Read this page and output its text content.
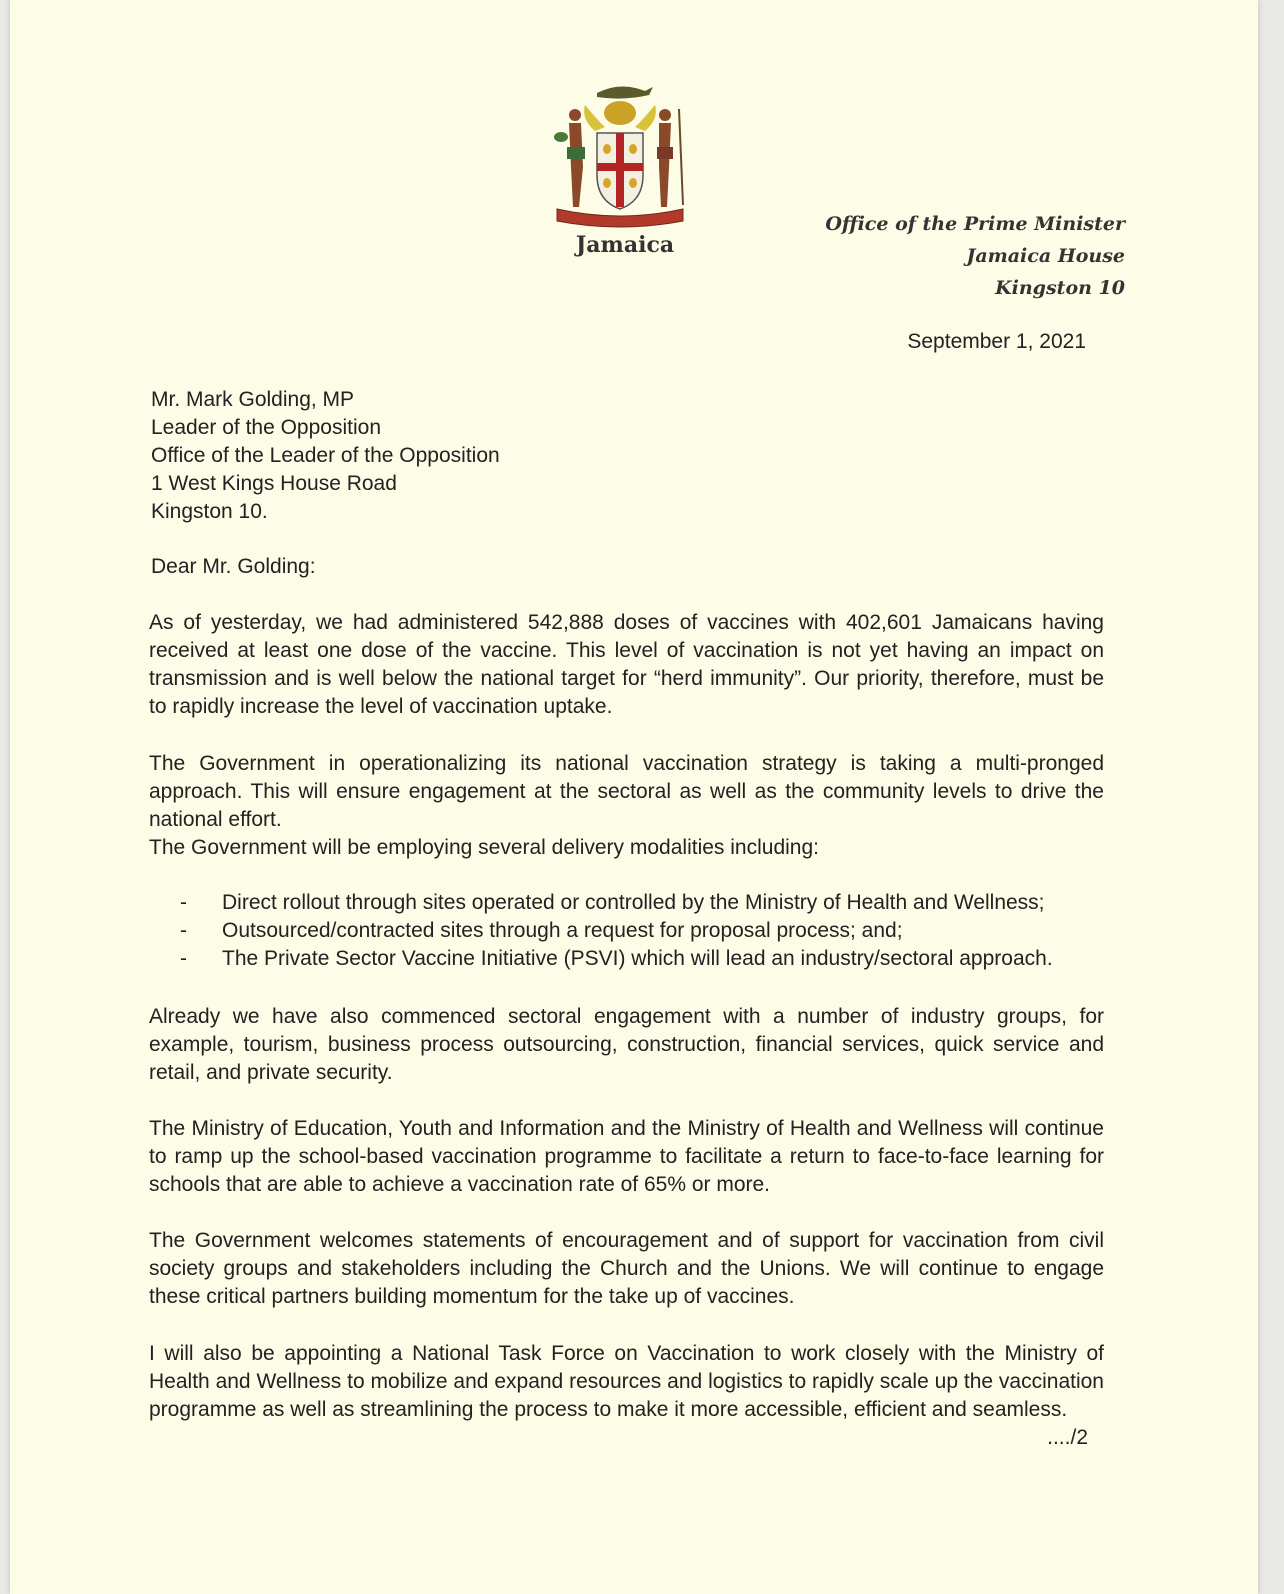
Jamaica
Office of the Prime Minister
Jamaica House
Kingston 10
September 1, 2021
Mr. Mark Golding, MP
Leader of the Opposition
Office of the Leader of the Opposition
1 West Kings House Road
Kingston 10.
Dear Mr. Golding:
As of yesterday, we had administered 542,888 doses of vaccines with 402,601 Jamaicans having received at least one dose of the vaccine. This level of vaccination is not yet having an impact on transmission and is well below the national target for “herd immunity”. Our priority, therefore, must be to rapidly increase the level of vaccination uptake.
The Government in operationalizing its national vaccination strategy is taking a multi-pronged approach. This will ensure engagement at the sectoral as well as the community levels to drive the national effort.
The Government will be employing several delivery modalities including:
-	Direct rollout through sites operated or controlled by the Ministry of Health and Wellness;
-	Outsourced/contracted sites through a request for proposal process; and;
-	The Private Sector Vaccine Initiative (PSVI) which will lead an industry/sectoral approach.
Already we have also commenced sectoral engagement with a number of industry groups, for example, tourism, business process outsourcing, construction, financial services, quick service and retail, and private security.
The Ministry of Education, Youth and Information and the Ministry of Health and Wellness will continue to ramp up the school-based vaccination programme to facilitate a return to face-to-face learning for schools that are able to achieve a vaccination rate of 65% or more.
The Government welcomes statements of encouragement and of support for vaccination from civil society groups and stakeholders including the Church and the Unions. We will continue to engage these critical partners building momentum for the take up of vaccines.
I will also be appointing a National Task Force on Vaccination to work closely with the Ministry of Health and Wellness to mobilize and expand resources and logistics to rapidly scale up the vaccination programme as well as streamlining the process to make it more accessible, efficient and seamless.
..../2
